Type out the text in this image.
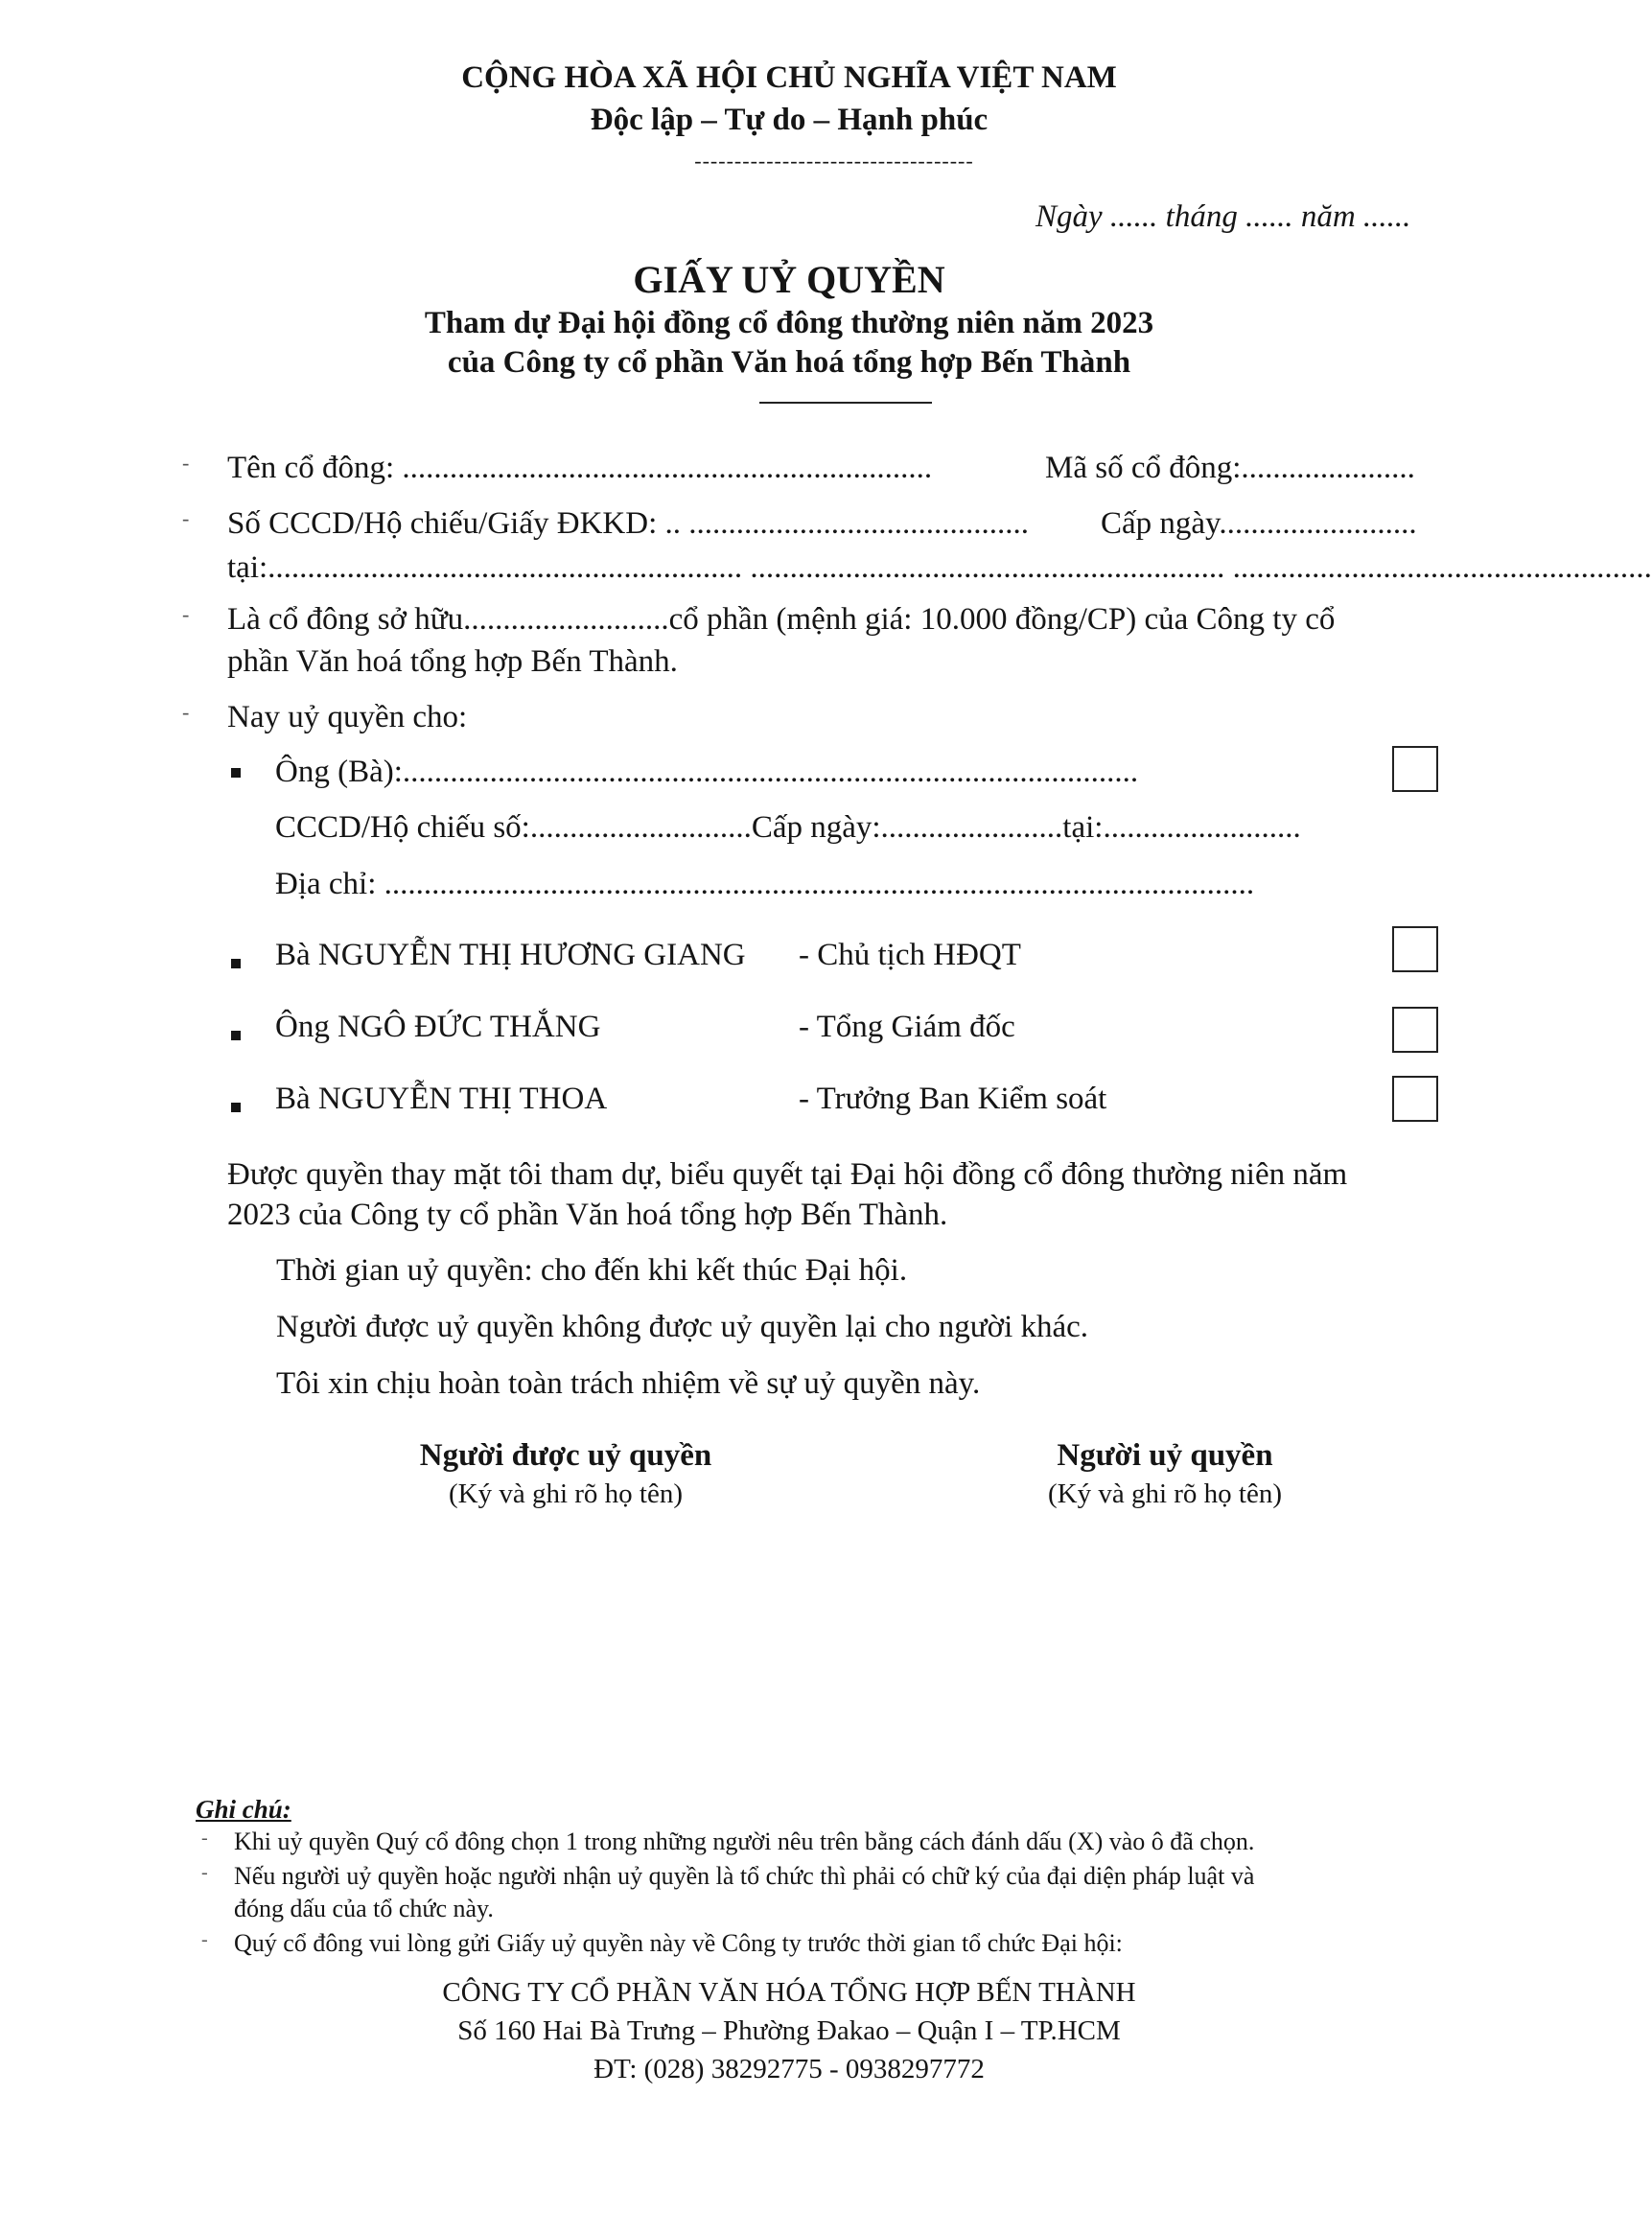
CỘNG HÒA XÃ HỘI CHỦ NGHĨA VIỆT NAM
Độc lập – Tự do – Hạnh phúc
-----------------------------------
Ngày ...... tháng ...... năm ......
GIẤY UỶ QUYỀN
Tham dự Đại hội đồng cổ đông thường niên năm 2023
của Công ty cổ phần Văn hoá tổng hợp Bến Thành
- Tên cổ đông: ...................................................................	Mã số cổ đông:......................
- Số CCCD/Hộ chiếu/Giấy ĐKKD: .. ........................................... Cấp ngày.........................
tại:............................................................ ............................................................ .....................................................
- Là cổ đông sở hữu..........................cổ phần (mệnh giá: 10.000 đồng/CP) của Công ty cổ
phần Văn hoá tổng hợp Bến Thành.
- Nay uỷ quyền cho:
Ông (Bà):.............................................................................................
CCCD/Hộ chiếu số:............................Cấp ngày:.......................tại:.........................
Địa chỉ: ..............................................................................................................
Bà NGUYỄN THỊ HƯƠNG GIANG - Chủ tịch HĐQT
Ông NGÔ ĐỨC THẮNG	- Tổng Giám đốc
Bà NGUYỄN THỊ THOA	- Trưởng Ban Kiểm soát
Được quyền thay mặt tôi tham dự, biểu quyết tại Đại hội đồng cổ đông thường niên năm
2023 của Công ty cổ phần Văn hoá tổng hợp Bến Thành.
Thời gian uỷ quyền: cho đến khi kết thúc Đại hội.
Người được uỷ quyền không được uỷ quyền lại cho người khác.
Tôi xin chịu hoàn toàn trách nhiệm về sự uỷ quyền này.
Người được uỷ quyền
(Ký và ghi rõ họ tên)
Người uỷ quyền
(Ký và ghi rõ họ tên)
Ghi chú:
- Khi uỷ quyền Quý cổ đông chọn 1 trong những người nêu trên bằng cách đánh dấu (X) vào ô đã chọn.
- Nếu người uỷ quyền hoặc người nhận uỷ quyền là tổ chức thì phải có chữ ký của đại diện pháp luật và
đóng dấu của tổ chức này.
- Quý cổ đông vui lòng gửi Giấy uỷ quyền này về Công ty trước thời gian tổ chức Đại hội:
CÔNG TY CỔ PHẦN VĂN HÓA TỔNG HỢP BẾN THÀNH
Số 160 Hai Bà Trưng – Phường Đakao – Quận I – TP.HCM
ĐT: (028) 38292775 - 0938297772
